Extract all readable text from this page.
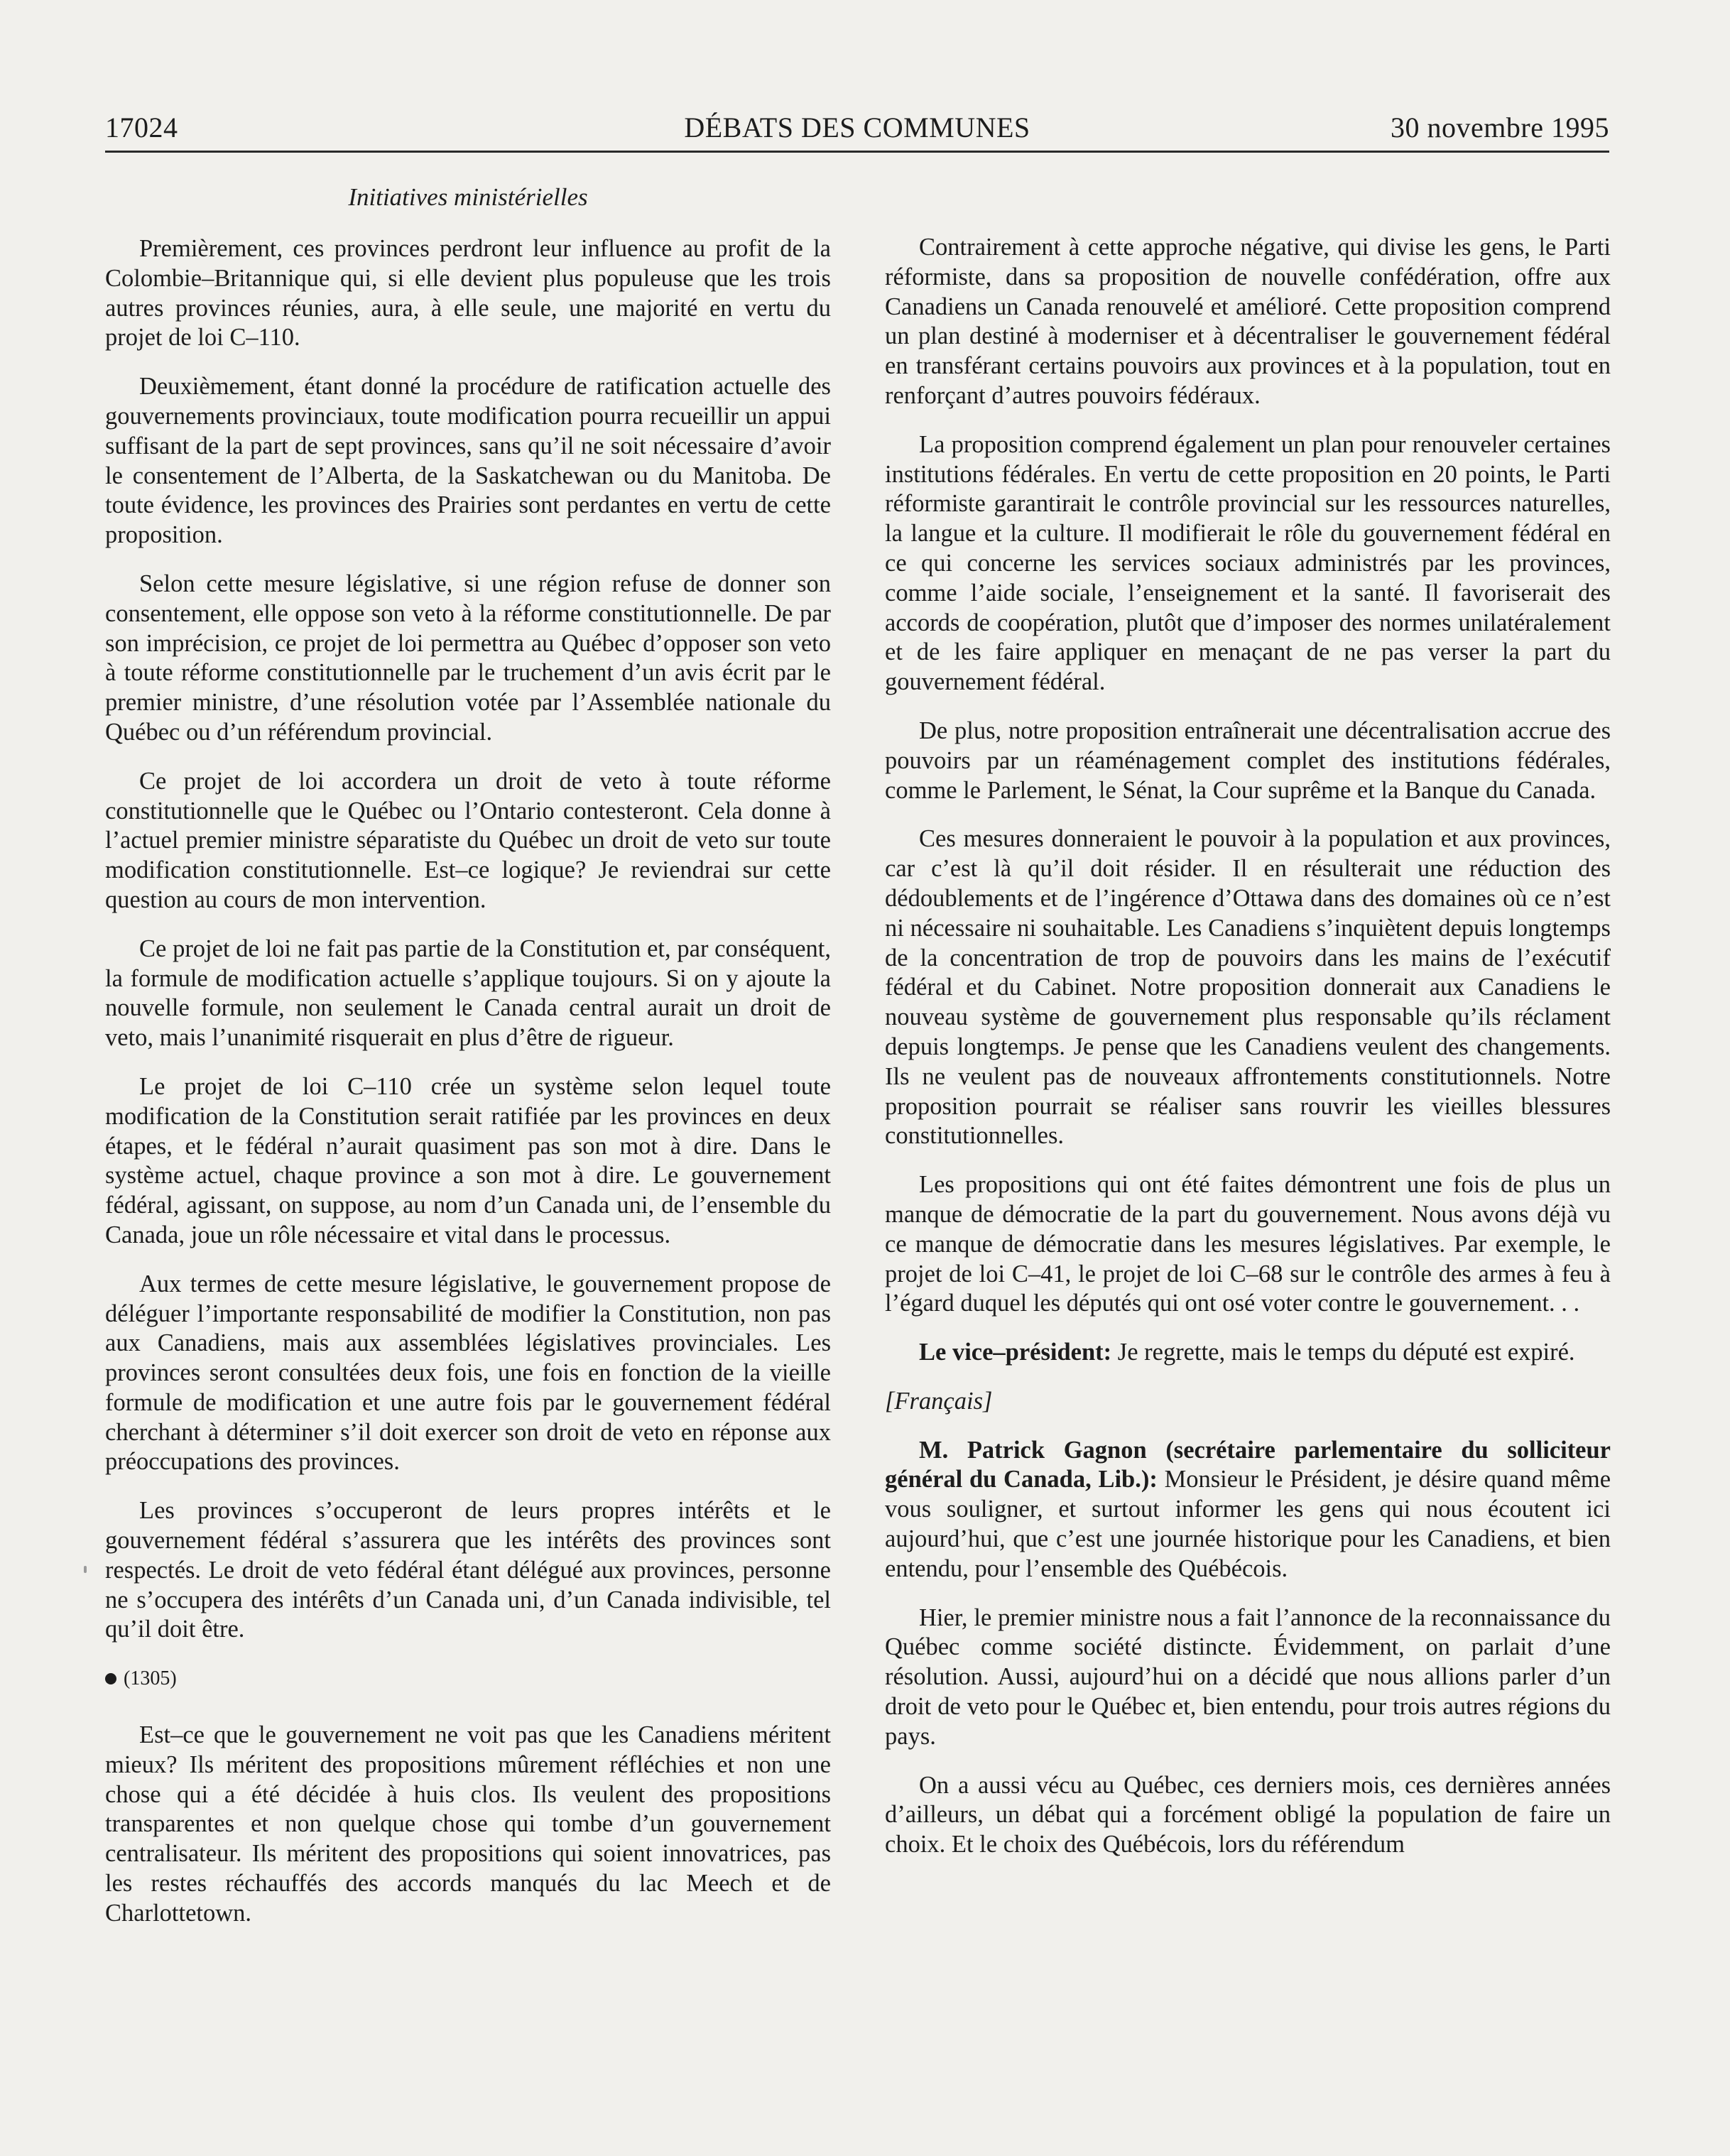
DÉBATS DES COMMUNES
17024	30 novembre 1995
Initiatives ministérielles

Premièrement, ces provinces perdront leur influence au profit de la Colombie–Britannique qui, si elle devient plus populeuse que les trois autres provinces réunies, aura, à elle seule, une majorité en vertu du projet de loi C–110.

Deuxièmement, étant donné la procédure de ratification actuelle des gouvernements provinciaux, toute modification pourra recueillir un appui suffisant de la part de sept provinces, sans qu’il ne soit nécessaire d’avoir le consentement de l’Alberta, de la Saskatchewan ou du Manitoba. De toute évidence, les provinces des Prairies sont perdantes en vertu de cette proposition.

Selon cette mesure législative, si une région refuse de donner son consentement, elle oppose son veto à la réforme constitutionnelle. De par son imprécision, ce projet de loi permettra au Québec d’opposer son veto à toute réforme constitutionnelle par le truchement d’un avis écrit par le premier ministre, d’une résolution votée par l’Assemblée nationale du Québec ou d’un référendum provincial.

Ce projet de loi accordera un droit de veto à toute réforme constitutionnelle que le Québec ou l’Ontario contesteront. Cela donne à l’actuel premier ministre séparatiste du Québec un droit de veto sur toute modification constitutionnelle. Est–ce logique? Je reviendrai sur cette question au cours de mon intervention.

Ce projet de loi ne fait pas partie de la Constitution et, par conséquent, la formule de modification actuelle s’applique toujours. Si on y ajoute la nouvelle formule, non seulement le Canada central aurait un droit de veto, mais l’unanimité risquerait en plus d’être de rigueur.

Le projet de loi C–110 crée un système selon lequel toute modification de la Constitution serait ratifiée par les provinces en deux étapes, et le fédéral n’aurait quasiment pas son mot à dire. Dans le système actuel, chaque province a son mot à dire. Le gouvernement fédéral, agissant, on suppose, au nom d’un Canada uni, de l’ensemble du Canada, joue un rôle nécessaire et vital dans le processus.

Aux termes de cette mesure législative, le gouvernement propose de déléguer l’importante responsabilité de modifier la Constitution, non pas aux Canadiens, mais aux assemblées législatives provinciales. Les provinces seront consultées deux fois, une fois en fonction de la vieille formule de modification et une autre fois par le gouvernement fédéral cherchant à déterminer s’il doit exercer son droit de veto en réponse aux préoccupations des provinces.

Les provinces s’occuperont de leurs propres intérêts et le gouvernement fédéral s’assurera que les intérêts des provinces sont respectés. Le droit de veto fédéral étant délégué aux provinces, personne ne s’occupera des intérêts d’un Canada uni, d’un Canada indivisible, tel qu’il doit être.

(1305)

Est–ce que le gouvernement ne voit pas que les Canadiens méritent mieux? Ils méritent des propositions mûrement réfléchies et non une chose qui a été décidée à huis clos. Ils veulent des propositions transparentes et non quelque chose qui tombe d’un gouvernement centralisateur. Ils méritent des propositions qui soient innovatrices, pas les restes réchauffés des accords manqués du lac Meech et de Charlottetown.

Contrairement à cette approche négative, qui divise les gens, le Parti réformiste, dans sa proposition de nouvelle confédération, offre aux Canadiens un Canada renouvelé et amélioré. Cette proposition comprend un plan destiné à moderniser et à décentraliser le gouvernement fédéral en transférant certains pouvoirs aux provinces et à la population, tout en renforçant d’autres pouvoirs fédéraux.

La proposition comprend également un plan pour renouveler certaines institutions fédérales. En vertu de cette proposition en 20 points, le Parti réformiste garantirait le contrôle provincial sur les ressources naturelles, la langue et la culture. Il modifierait le rôle du gouvernement fédéral en ce qui concerne les services sociaux administrés par les provinces, comme l’aide sociale, l’enseignement et la santé. Il favoriserait des accords de coopération, plutôt que d’imposer des normes unilatéralement et de les faire appliquer en menaçant de ne pas verser la part du gouvernement fédéral.

De plus, notre proposition entraînerait une décentralisation accrue des pouvoirs par un réaménagement complet des institutions fédérales, comme le Parlement, le Sénat, la Cour suprême et la Banque du Canada.

Ces mesures donneraient le pouvoir à la population et aux provinces, car c’est là qu’il doit résider. Il en résulterait une réduction des dédoublements et de l’ingérence d’Ottawa dans des domaines où ce n’est ni nécessaire ni souhaitable. Les Canadiens s’inquiètent depuis longtemps de la concentration de trop de pouvoirs dans les mains de l’exécutif fédéral et du Cabinet. Notre proposition donnerait aux Canadiens le nouveau système de gouvernement plus responsable qu’ils réclament depuis longtemps. Je pense que les Canadiens veulent des changements. Ils ne veulent pas de nouveaux affrontements constitutionnels. Notre proposition pourrait se réaliser sans rouvrir les vieilles blessures constitutionnelles.

Les propositions qui ont été faites démontrent une fois de plus un manque de démocratie de la part du gouvernement. Nous avons déjà vu ce manque de démocratie dans les mesures législatives. Par exemple, le projet de loi C–41, le projet de loi C–68 sur le contrôle des armes à feu à l’égard duquel les députés qui ont osé voter contre le gouvernement. . .

Le vice–président: Je regrette, mais le temps du député est expiré.

[Français]

M. Patrick Gagnon (secrétaire parlementaire du solliciteur général du Canada, Lib.): Monsieur le Président, je désire quand même vous souligner, et surtout informer les gens qui nous écoutent ici aujourd’hui, que c’est une journée historique pour les Canadiens, et bien entendu, pour l’ensemble des Québécois.

Hier, le premier ministre nous a fait l’annonce de la reconnaissance du Québec comme société distincte. Évidemment, on parlait d’une résolution. Aussi, aujourd’hui on a décidé que nous allions parler d’un droit de veto pour le Québec et, bien entendu, pour trois autres régions du pays.

On a aussi vécu au Québec, ces derniers mois, ces dernières années d’ailleurs, un débat qui a forcément obligé la population de faire un choix. Et le choix des Québécois, lors du référendum
